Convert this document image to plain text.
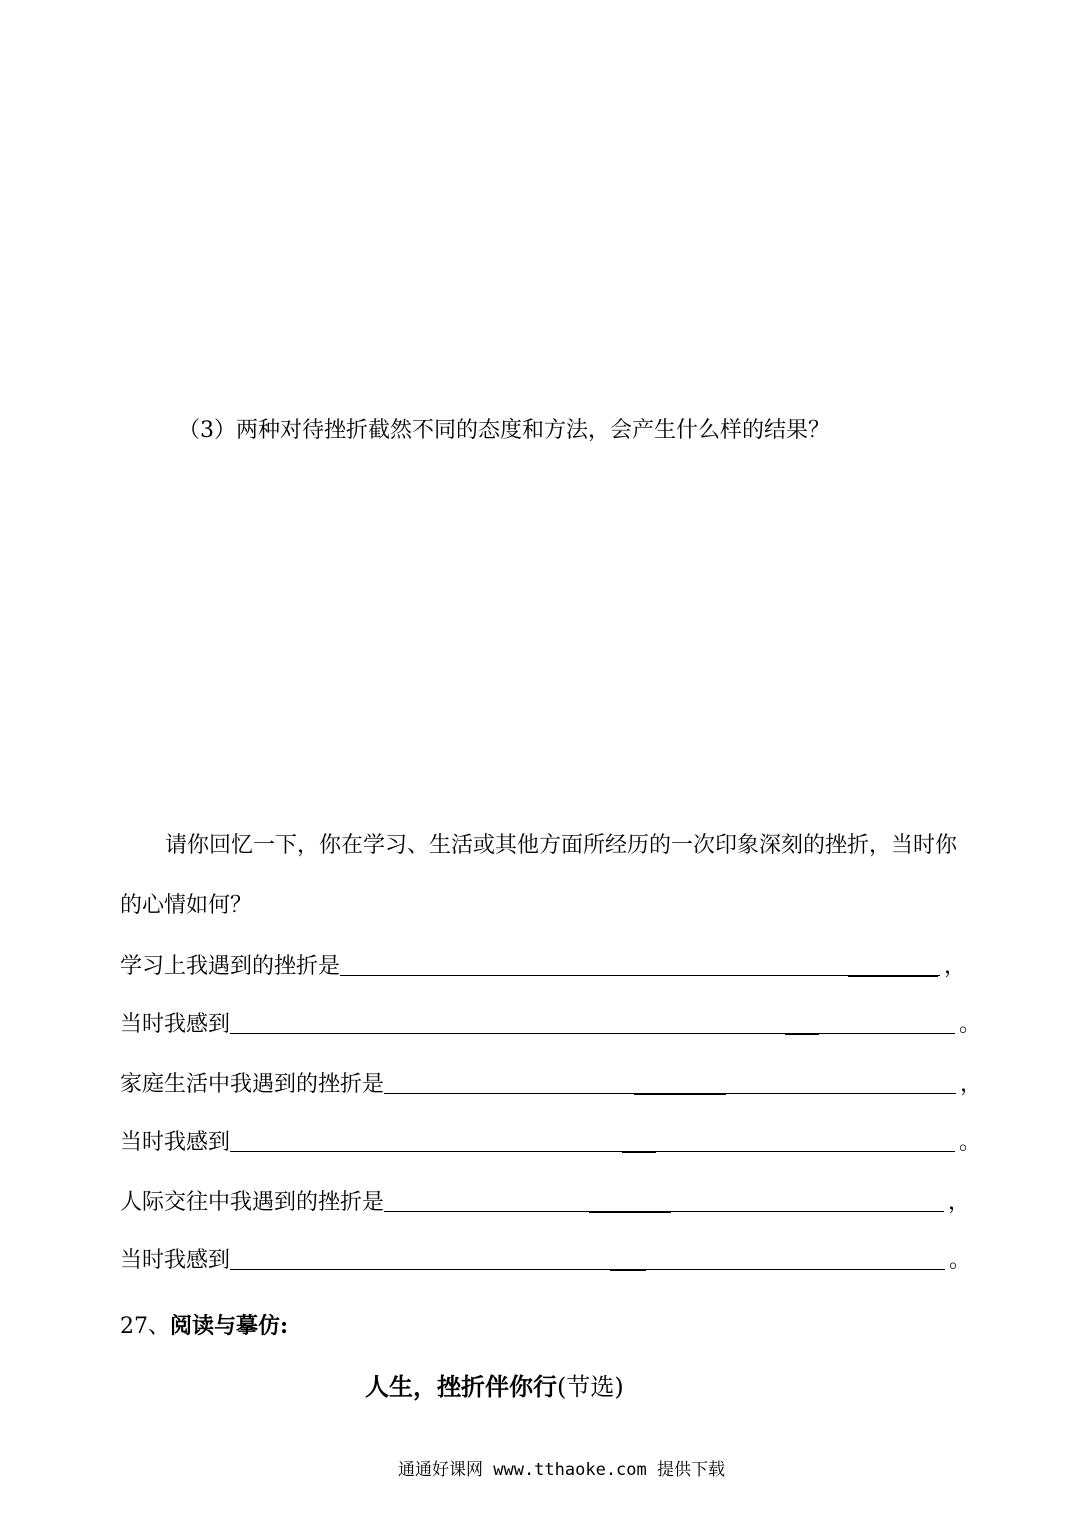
（3）两种对待挫折截然不同的态度和方法，会产生什么样的结果？
请你回忆一下，你在学习、生活或其他方面所经历的一次印象深刻的挫折，当时你
的心情如何？
学习上我遇到的挫折是	，
当时我感到	。
家庭生活中我遇到的挫折是	，
当时我感到	。
人际交往中我遇到的挫折是	，
当时我感到	。
27、阅读与摹仿:
人生，挫折伴你行(节选)
通通好课网 www.tthaoke.com 提供下载
